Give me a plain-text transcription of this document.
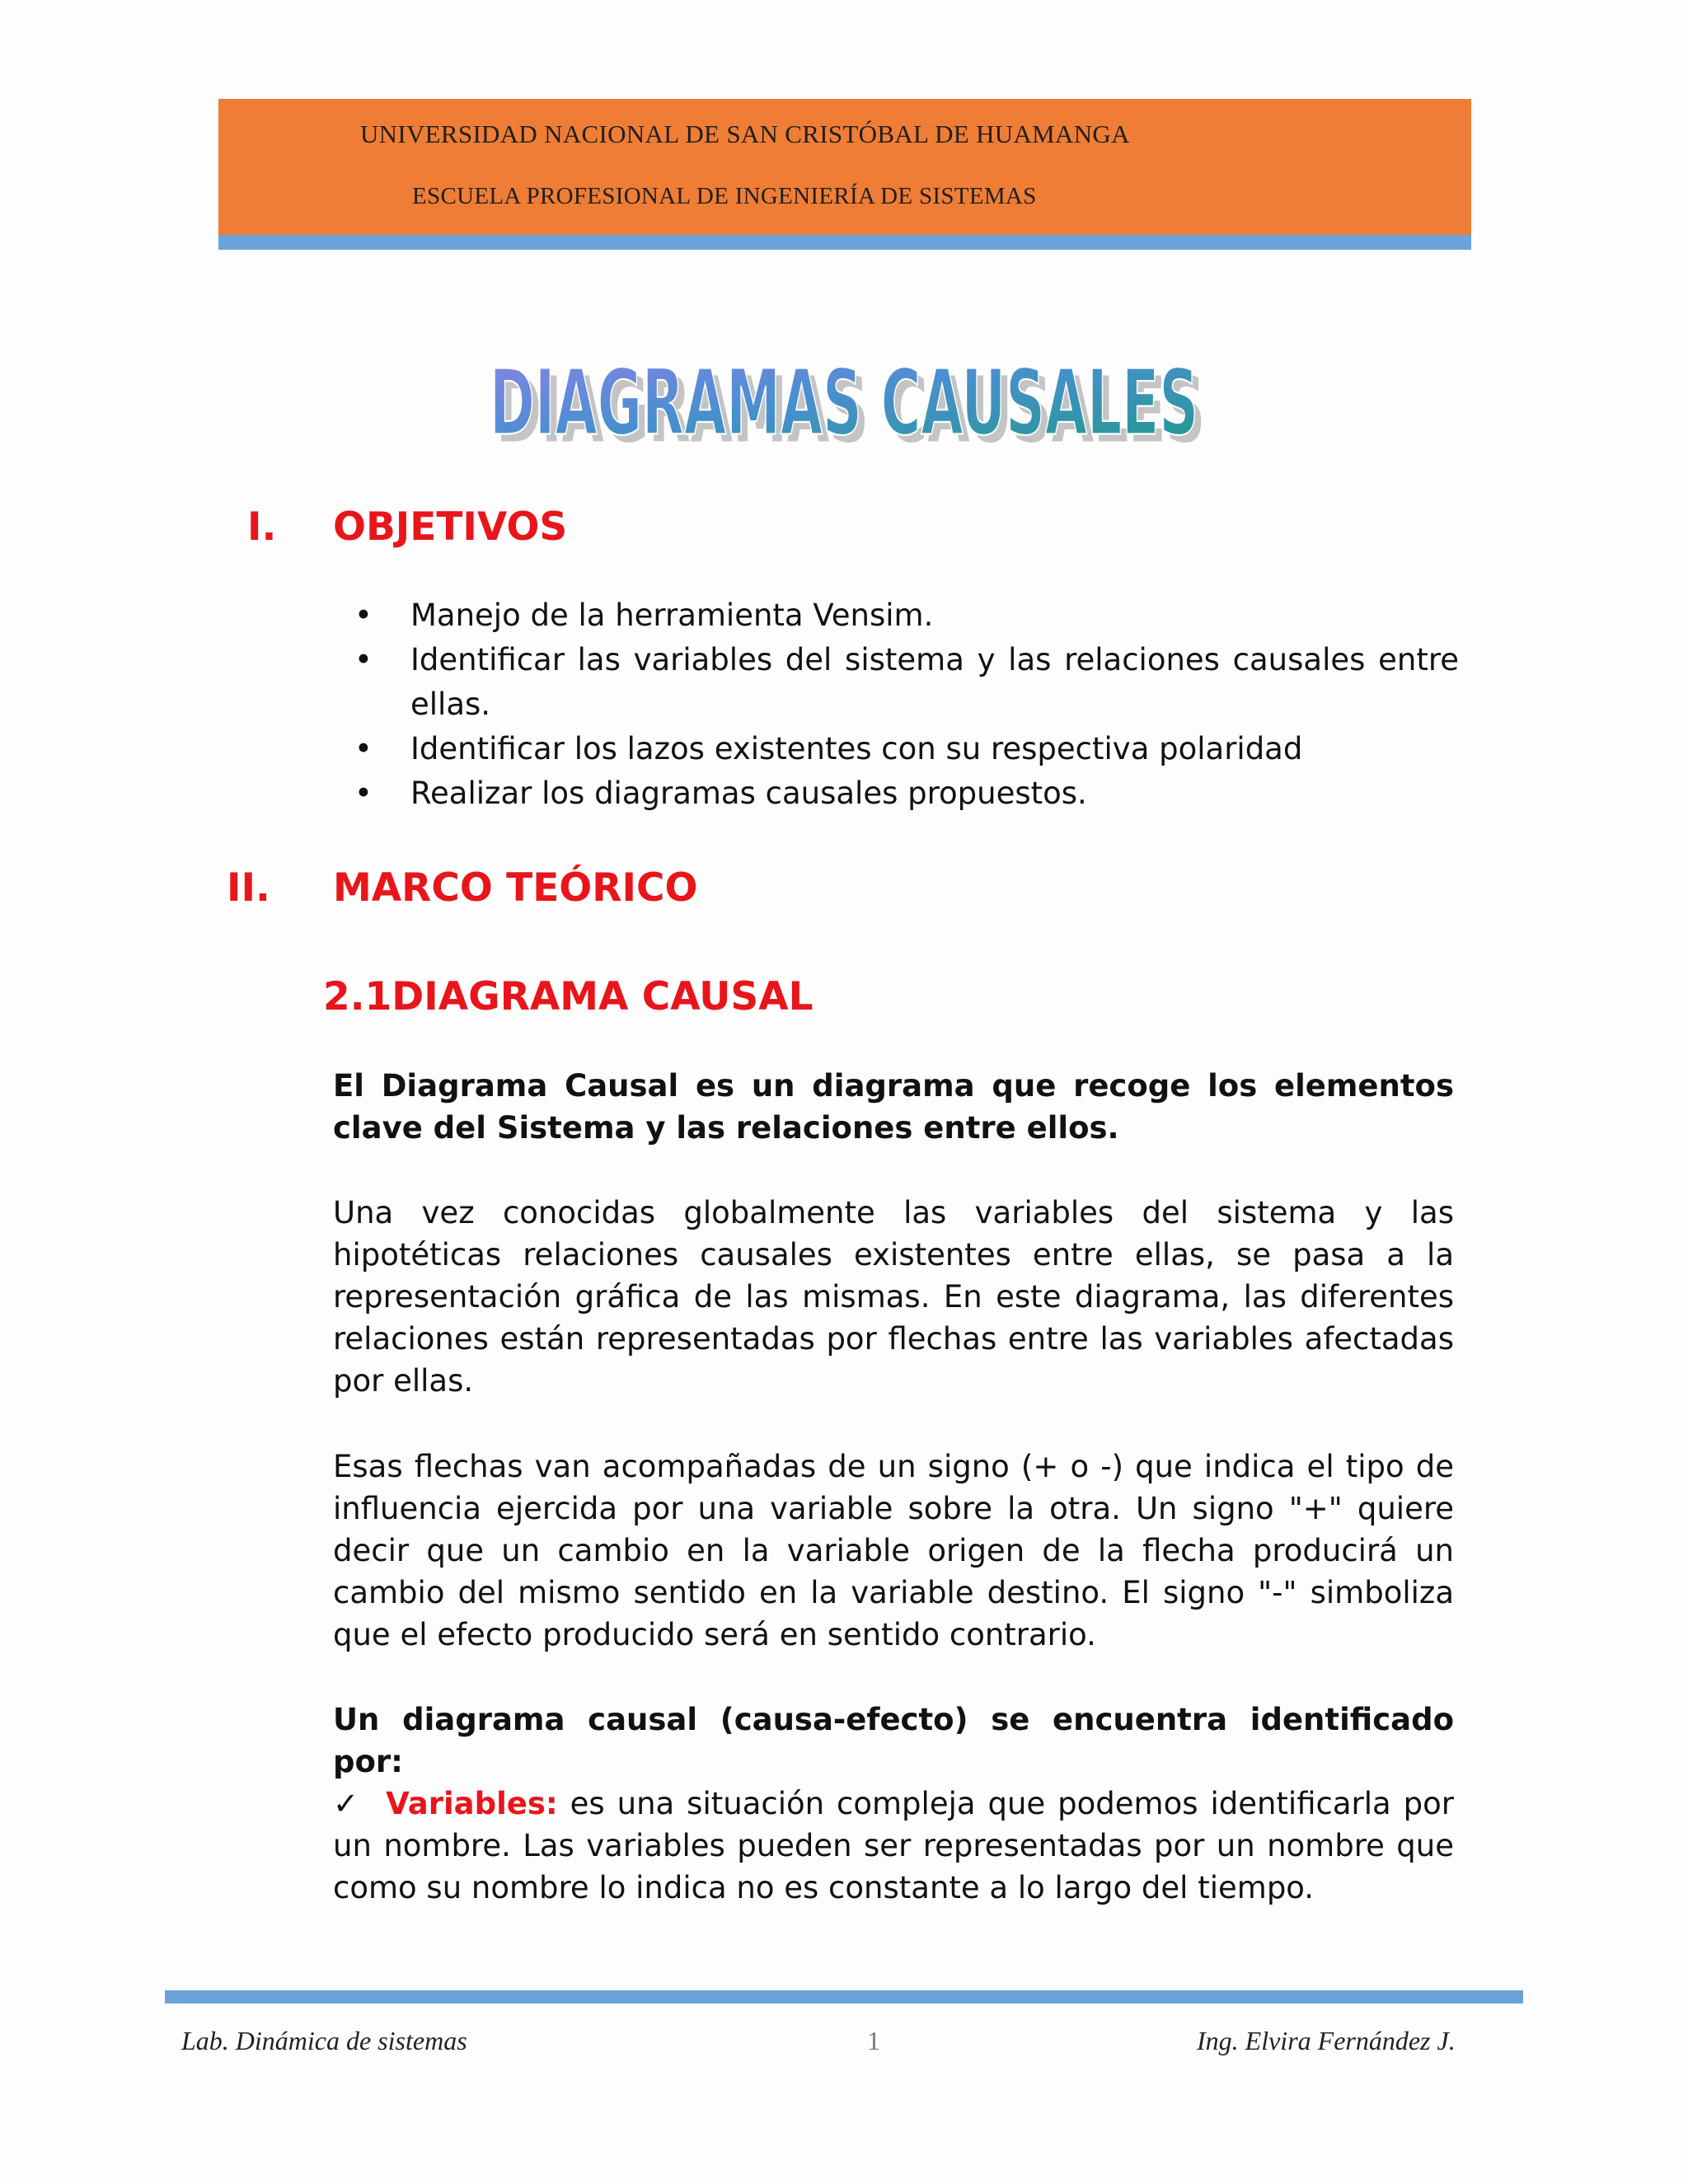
UNIVERSIDAD NACIONAL DE SAN CRISTÓBAL DE HUAMANGA
ESCUELA PROFESIONAL DE INGENIERÍA DE SISTEMAS
DIAGRAMAS CAUSALES
DIAGRAMAS CAUSALES
I. OBJETIVOS
• Manejo de la herramienta Vensim.
• Identificar las variables del sistema y las relaciones causales entre ellas.
• Identificar los lazos existentes con su respectiva polaridad
• Realizar los diagramas causales propuestos.
II. MARCO TEÓRICO
2.1DIAGRAMA CAUSAL
El Diagrama Causal es un diagrama que recoge los elementos clave del Sistema y las relaciones entre ellos.
Una vez conocidas globalmente las variables del sistema y las hipotéticas relaciones causales existentes entre ellas, se pasa a la representación gráfica de las mismas. En este diagrama, las diferentes relaciones están representadas por flechas entre las variables afectadas por ellas.
Esas flechas van acompañadas de un signo (+ o -) que indica el tipo de influencia ejercida por una variable sobre la otra. Un signo "+" quiere decir que un cambio en la variable origen de la flecha producirá un cambio del mismo sentido en la variable destino. El signo "-" simboliza que el efecto producido será en sentido contrario.
Un diagrama causal (causa-efecto) se encuentra identificado por:
✓  Variables: es una situación compleja que podemos identificarla por un nombre. Las variables pueden ser representadas por un nombre que como su nombre lo indica no es constante a lo largo del tiempo.
Lab. Dinámica de sistemas	1	Ing. Elvira Fernández J.
